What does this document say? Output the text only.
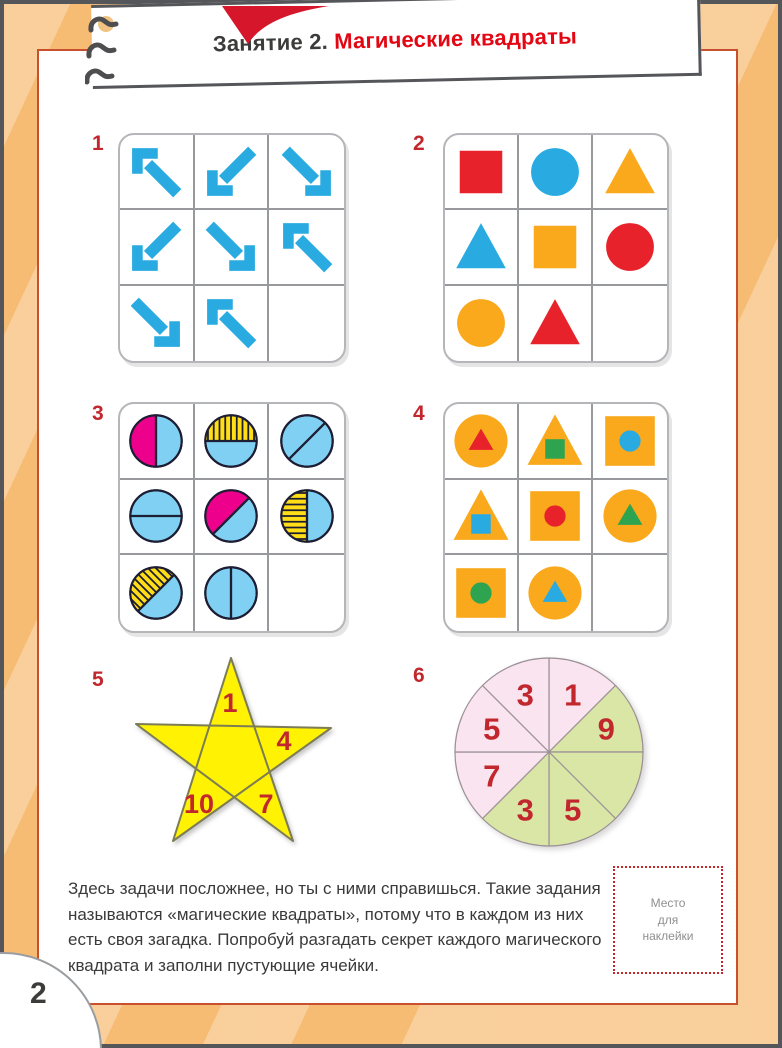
Занятие 2. Магические квадраты
1	2
3	4
5
1
4
10 7
6
1
9
5
3
7
5
3
Здесь задачи посложнее, но ты с ними справишься. Такие задания
называются «магические квадраты», потому что в каждом из них
есть своя загадка. Попробуй разгадать секрет каждого магического
квадрата и заполни пустующие ячейки.
Место
для
наклейки
2
